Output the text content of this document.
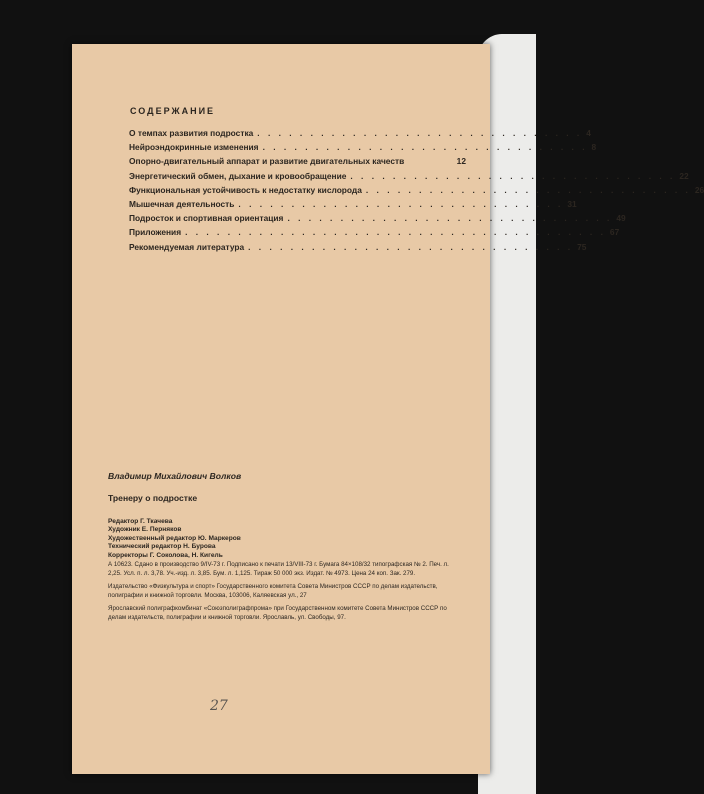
СОДЕРЖАНИЕ
О темпах развития подростка . . . . . . . . . . . . . . . . . . . . . . . . . . . . . . . 4
Нейроэндокринные изменения . . . . . . . . . . . . . . . . . . . . . . . . . . . . . . . 8
Опорно-двигательный аппарат и развитие двигательных качеств	12
Энергетический обмен, дыхание и кровообращение . . . . . . . . . . . . . . . . . . . . . . . . . . . . . . . 22
Функциональная устойчивость к недостатку кислорода . . . . . . . . . . . . . . . . . . . . . . . . . . . . . . . 26
Мышечная деятельность . . . . . . . . . . . . . . . . . . . . . . . . . . . . . . . 31
Подросток и спортивная ориентация . . . . . . . . . . . . . . . . . . . . . . . . . . . . . . . 49
Приложения . . . . . . . . . . . . . . . . . . . . . . . . . . . . . . . . . . . . . . . . 67
Рекомендуемая литература . . . . . . . . . . . . . . . . . . . . . . . . . . . . . . . 75
Владимир Михайлович Волков
Тренеру о подростке
Редактор Г. Ткачева
Художник Е. Перняков
Художественный редактор Ю. Маркеров
Технический редактор Н. Бурова
Корректоры Г. Соколова, Н. Кигель

А 10623. Сдано в производство 9/IV-73 г. Подписано к печати 13/VIII-73 г. Бумага 84×108/32 типографская № 2. Печ. л. 2,25. Усл. п. л. 3,78. Уч.-изд. л. 3,85. Бум. л. 1,125. Тираж 50 000 экз. Издат. № 4973. Цена 24 коп. Зак. 279.

Издательство «Физкультура и спорт» Государственного комитета Совета Министров СССР по делам издательств, полиграфии и книжной торговли. Москва, 103006, Каляевская ул., 27

Ярославский полиграфкомбинат «Союзполиграфпрома» при Государственном комитете Совета Министров СССР по делам издательств, полиграфии и книжной торговли. Ярославль, ул. Свободы, 97.

27
